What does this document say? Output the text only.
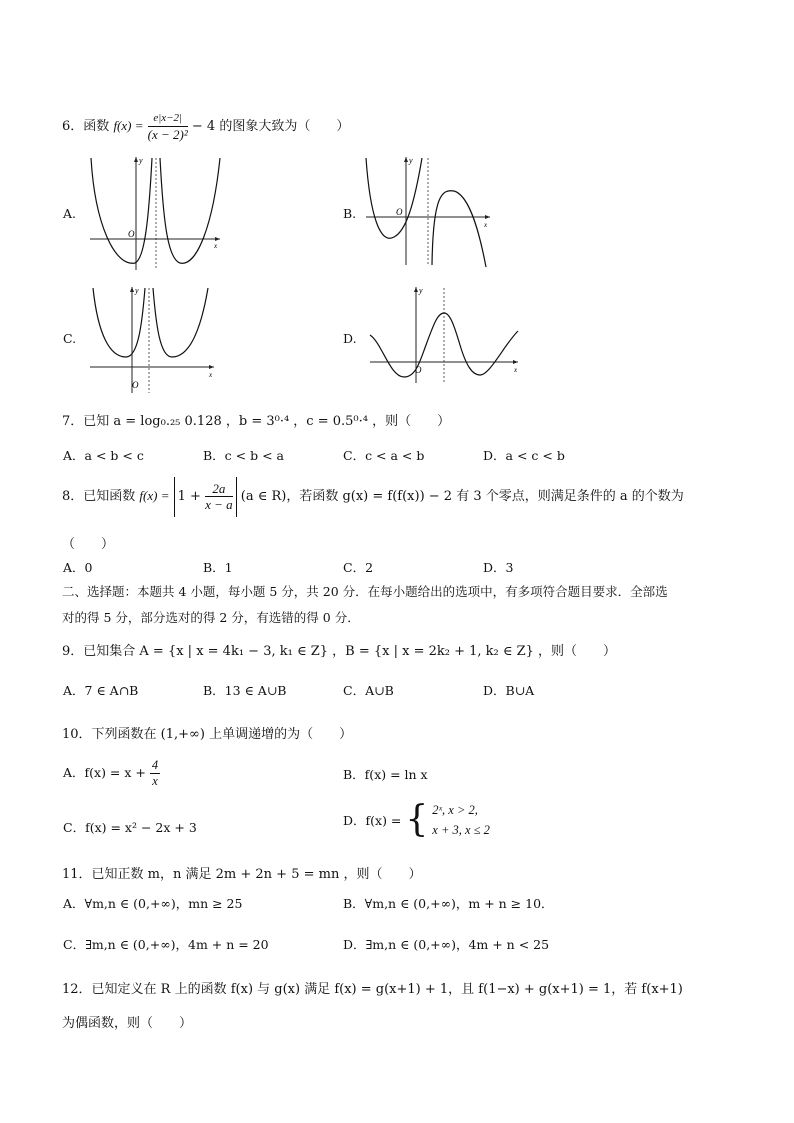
6．函数 $f(x) = \frac{e|x-2|}{\text{(x − 2)²}} - 4$ 的图象大致为（　　）
A.	B.
C.	D.
y
x
O
y
x
O
y
x
O
y
x
O
7．已知 a = log₀.₂₅ 0.128 ，b = 3⁰·⁴ ，c = 0.5⁰·⁴ ，则（　　）
A．a < b < c	B．c < b < a	C．c < a < b	D．a < c < b
8．已知函数 $f(x) = 1 + \frac{2a}{x - a} (a$ ∈ R)，若函数 g(x) = f(f(x)) − 2 有 3 个零点，则满足条件的 a 的个数为
（　　）
A．0	B．1	C．2	D．3
二、选择题：本题共 4 小题，每小题 5 分，共 20 分．在每小题给出的选项中，有多项符合题目要求．全部选
对的得 5 分，部分选对的得 2 分，有选错的得 0 分．
9．已知集合 A = {x | x = 4k₁ − 3, k₁ ∈ Z} ，B = {x | x = 2k₂ + 1, k₂ ∈ Z} ，则（　　）
A．7 ∈ A∩B	B．13 ∈ A∪B	C．A∪B	D．B∪A
10．下列函数在 (1,+∞) 上单调递增的为（　　）
A．$f(x) = x + \frac{4}{x}$	B．f(x) = ln x
C．f(x) = x² − 2x + 3	D．f(x) = { 2ˣ, x > 2,
x + 3, x ≤ 2
11．已知正数 m，n 满足 2m + 2n + 5 = mn ，则（　　）
A．∀m,n ∈ (0,+∞)，mn ≥ 25	B．∀m,n ∈ (0,+∞)，m + n ≥ 10．
C．∃m,n ∈ (0,+∞)，4m + n = 20	D．∃m,n ∈ (0,+∞)，4m + n < 25
12．已知定义在 R 上的函数 f(x) 与 g(x) 满足 f(x) = g(x+1) + 1，且 f(1−x) + g(x+1) = 1，若 f(x+1)
为偶函数，则（　　）
